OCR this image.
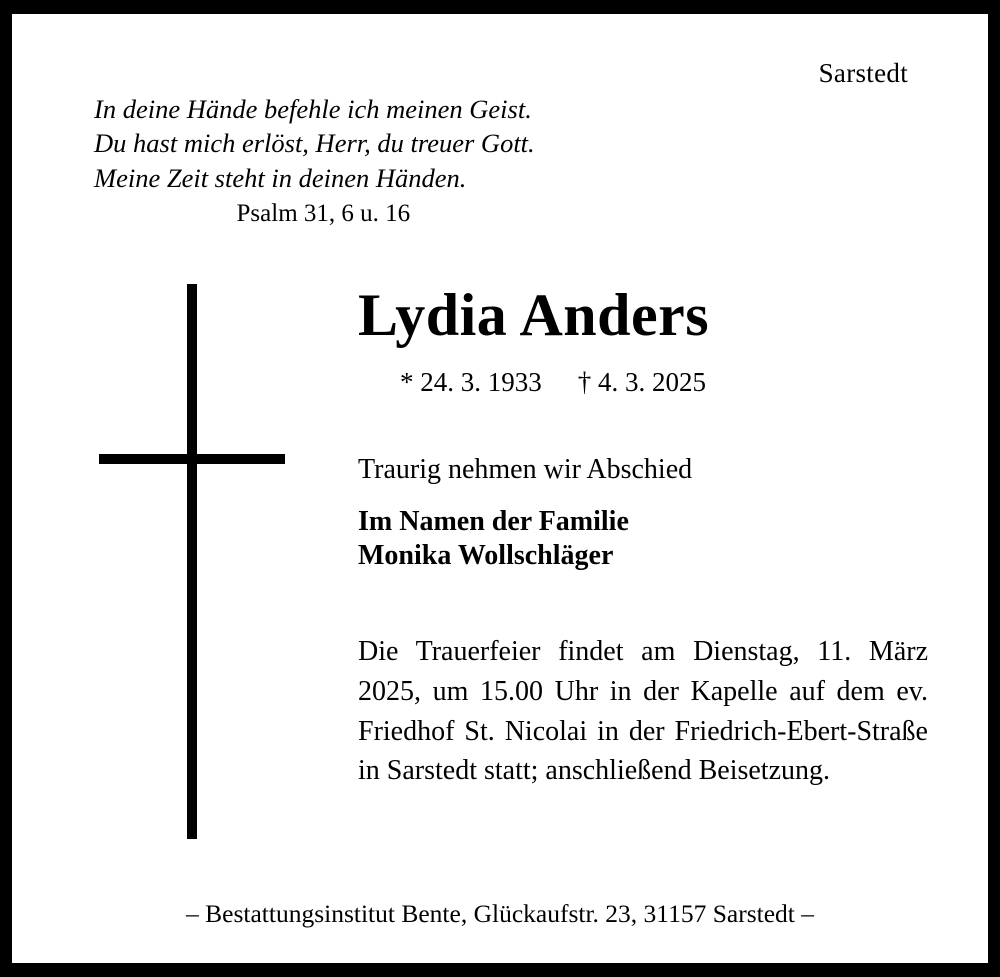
Sarstedt
In deine Hände befehle ich meinen Geist.
Du hast mich erlöst, Herr, du treuer Gott.
Meine Zeit steht in deinen Händen.
Psalm 31, 6 u. 16
Lydia Anders
* 24. 3. 1933 † 4. 3. 2025
Traurig nehmen wir Abschied
Im Namen der Familie
Monika Wollschläger
Die Trauerfeier findet am Dienstag, 11. März 2025, um 15.00 Uhr in der Kapelle auf dem ev. Friedhof St. Nicolai in der Friedrich-Ebert-Straße in Sarstedt statt; anschließend Beisetzung.
– Bestattungsinstitut Bente, Glückaufstr. 23, 31157 Sarstedt –
